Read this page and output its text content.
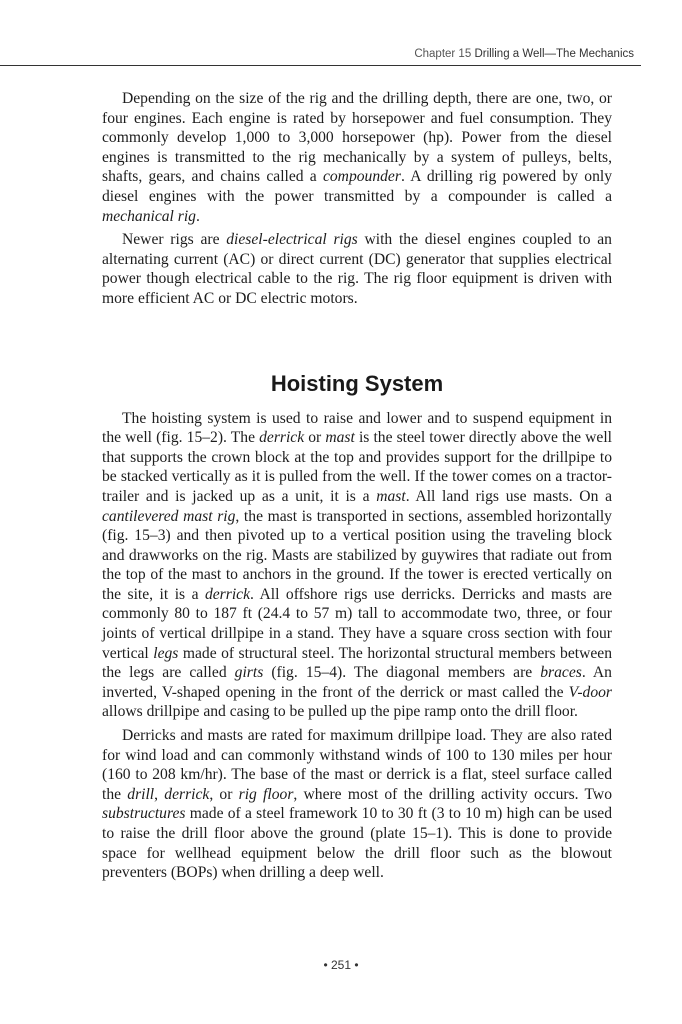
Chapter 15 Drilling a Well—The Mechanics

Depending on the size of the rig and the drilling depth, there are one, two, or four engines. Each engine is rated by horsepower and fuel consumption. They commonly develop 1,000 to 3,000 horsepower (hp). Power from the diesel engines is transmitted to the rig mechanically by a system of pulleys, belts, shafts, gears, and chains called a compounder. A drilling rig powered by only diesel engines with the power transmitted by a compounder is called a mechanical rig.

Newer rigs are diesel-electrical rigs with the diesel engines coupled to an alternating current (AC) or direct current (DC) generator that supplies electrical power though electrical cable to the rig. The rig floor equipment is driven with more efficient AC or DC electric motors.

Hoisting System

The hoisting system is used to raise and lower and to suspend equipment in the well (fig. 15–2). The derrick or mast is the steel tower directly above the well that supports the crown block at the top and provides support for the drillpipe to be stacked vertically as it is pulled from the well. If the tower comes on a tractor-trailer and is jacked up as a unit, it is a mast. All land rigs use masts. On a cantilevered mast rig, the mast is transported in sections, assembled horizontally (fig. 15–3) and then pivoted up to a vertical position using the traveling block and drawworks on the rig. Masts are stabilized by guywires that radiate out from the top of the mast to anchors in the ground. If the tower is erected vertically on the site, it is a derrick. All offshore rigs use derricks. Derricks and masts are commonly 80 to 187 ft (24.4 to 57 m) tall to accommodate two, three, or four joints of vertical drillpipe in a stand. They have a square cross section with four vertical legs made of structural steel. The horizontal structural members between the legs are called girts (fig. 15–4). The diagonal members are braces. An inverted, V-shaped opening in the front of the derrick or mast called the V-door allows drillpipe and casing to be pulled up the pipe ramp onto the drill floor.

Derricks and masts are rated for maximum drillpipe load. They are also rated for wind load and can commonly withstand winds of 100 to 130 miles per hour (160 to 208 km/hr). The base of the mast or derrick is a flat, steel surface called the drill, derrick, or rig floor, where most of the drilling activity occurs. Two substructures made of a steel framework 10 to 30 ft (3 to 10 m) high can be used to raise the drill floor above the ground (plate 15–1). This is done to provide space for wellhead equipment below the drill floor such as the blowout preventers (BOPs) when drilling a deep well.

• 251 •
